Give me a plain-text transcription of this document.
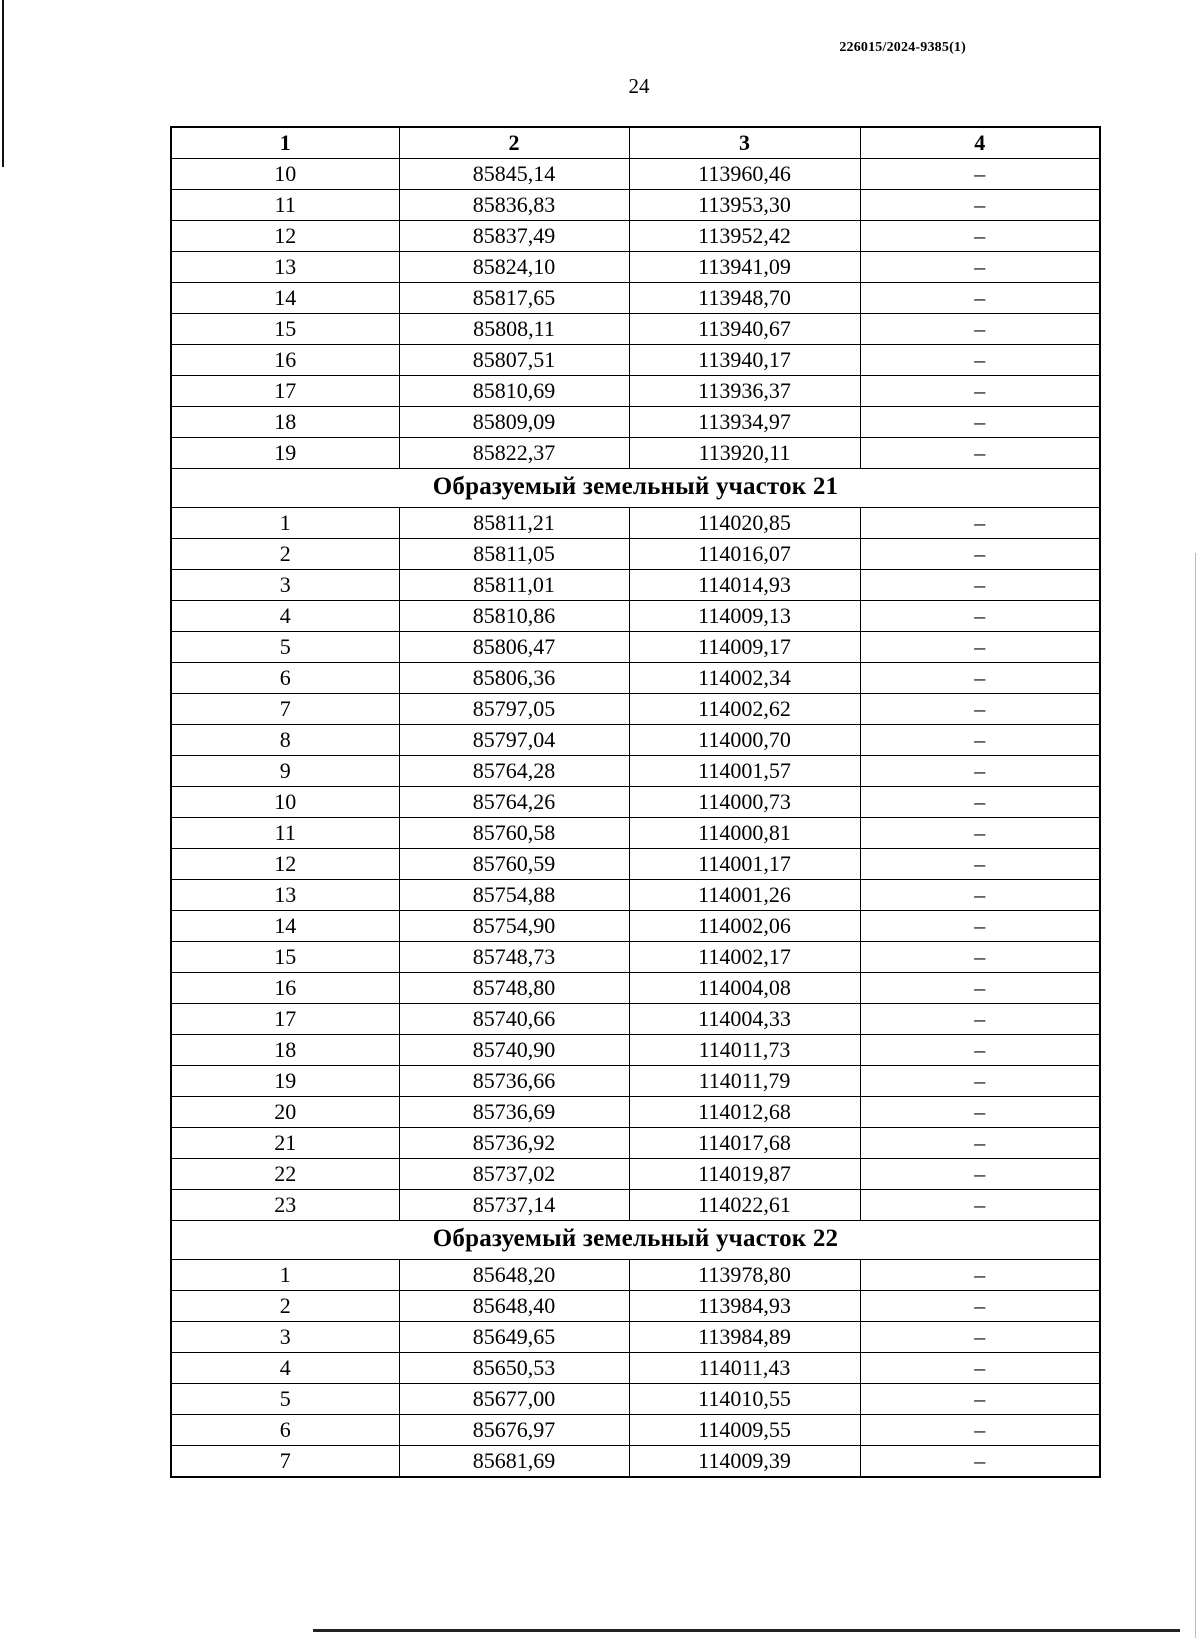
226015/2024-9385(1)
24
1	2	3	4
10	85845,14	113960,46	–
11	85836,83	113953,30	–
12	85837,49	113952,42	–
13	85824,10	113941,09	–
14	85817,65	113948,70	–
15	85808,11	113940,67	–
16	85807,51	113940,17	–
17	85810,69	113936,37	–
18	85809,09	113934,97	–
19	85822,37	113920,11	–
Образуемый земельный участок 21			
1	85811,21	114020,85	–
2	85811,05	114016,07	–
3	85811,01	114014,93	–
4	85810,86	114009,13	–
5	85806,47	114009,17	–
6	85806,36	114002,34	–
7	85797,05	114002,62	–
8	85797,04	114000,70	–
9	85764,28	114001,57	–
10	85764,26	114000,73	–
11	85760,58	114000,81	–
12	85760,59	114001,17	–
13	85754,88	114001,26	–
14	85754,90	114002,06	–
15	85748,73	114002,17	–
16	85748,80	114004,08	–
17	85740,66	114004,33	–
18	85740,90	114011,73	–
19	85736,66	114011,79	–
20	85736,69	114012,68	–
21	85736,92	114017,68	–
22	85737,02	114019,87	–
23	85737,14	114022,61	–
Образуемый земельный участок 22			
1	85648,20	113978,80	–
2	85648,40	113984,93	–
3	85649,65	113984,89	–
4	85650,53	114011,43	–
5	85677,00	114010,55	–
6	85676,97	114009,55	–
7	85681,69	114009,39	–
